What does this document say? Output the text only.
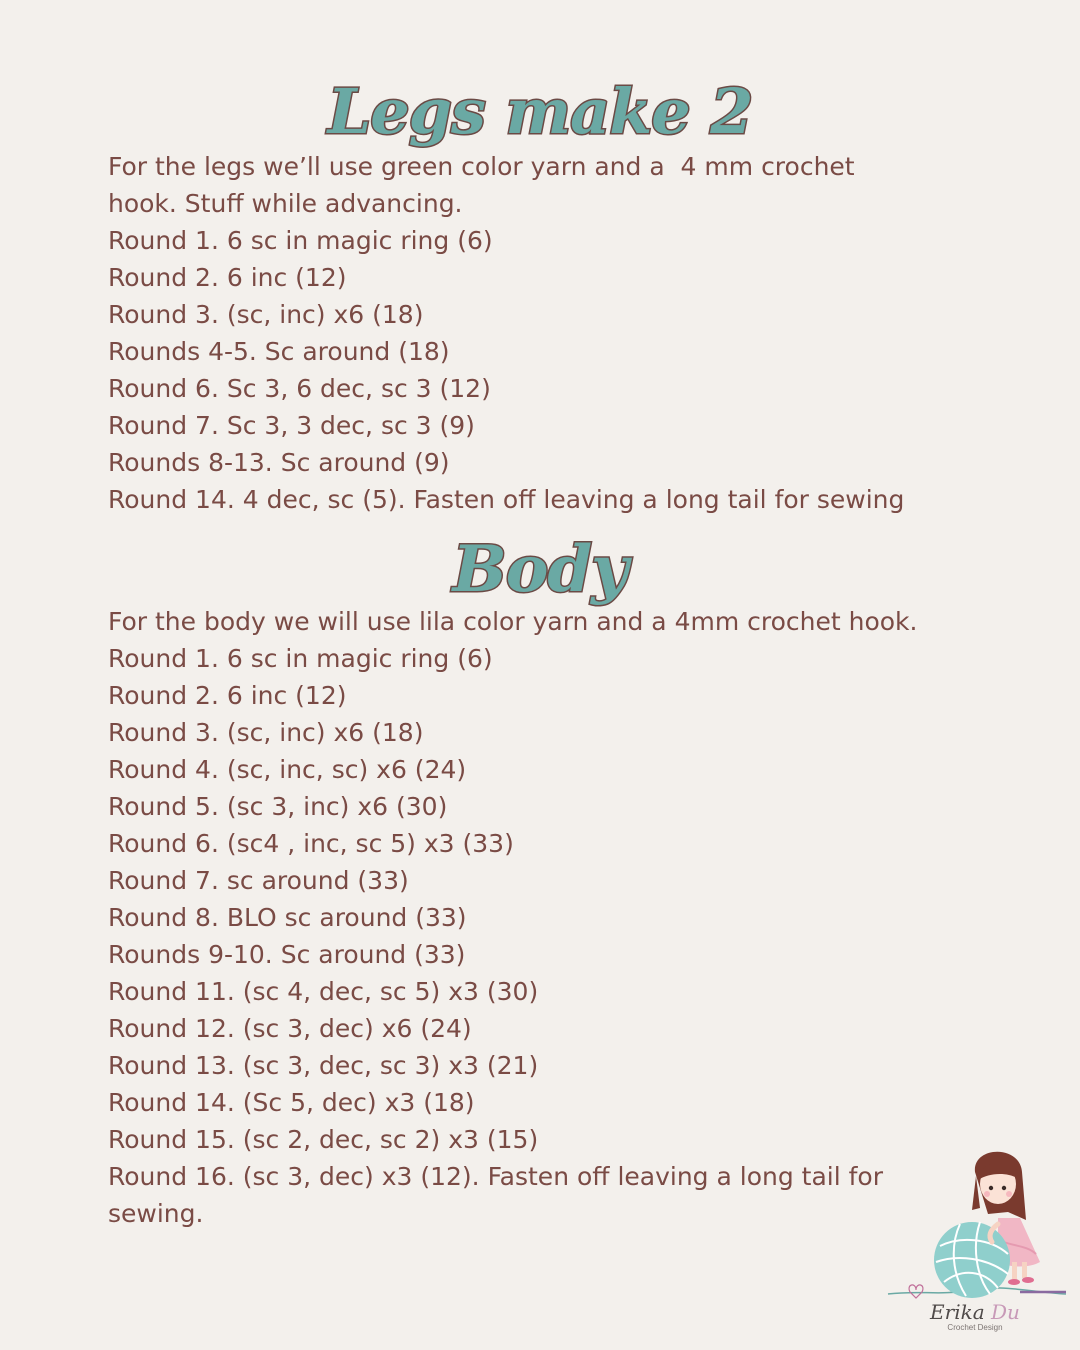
Legs make 2
For the legs we’ll use green color yarn and a  4 mm crochet
hook. Stuff while advancing.
Round 1. 6 sc in magic ring (6)
Round 2. 6 inc (12)
Round 3. (sc, inc) x6 (18)
Rounds 4-5. Sc around (18)
Round 6. Sc 3, 6 dec, sc 3 (12)
Round 7. Sc 3, 3 dec, sc 3 (9)
Rounds 8-13. Sc around (9)
Round 14. 4 dec, sc (5). Fasten off leaving a long tail for sewing
Body
For the body we will use lila color yarn and a 4mm crochet hook.
Round 1. 6 sc in magic ring (6)
Round 2. 6 inc (12)
Round 3. (sc, inc) x6 (18)
Round 4. (sc, inc, sc) x6 (24)
Round 5. (sc 3, inc) x6 (30)
Round 6. (sc4 , inc, sc 5) x3 (33)
Round 7. sc around (33)
Round 8. BLO sc around (33)
Rounds 9-10. Sc around (33)
Round 11. (sc 4, dec, sc 5) x3 (30)
Round 12. (sc 3, dec) x6 (24)
Round 13. (sc 3, dec, sc 3) x3 (21)
Round 14. (Sc 5, dec) x3 (18)
Round 15. (sc 2, dec, sc 2) x3 (15)
Round 16. (sc 3, dec) x3 (12). Fasten off leaving a long tail for
sewing.

Erika Du

Crochet Design
